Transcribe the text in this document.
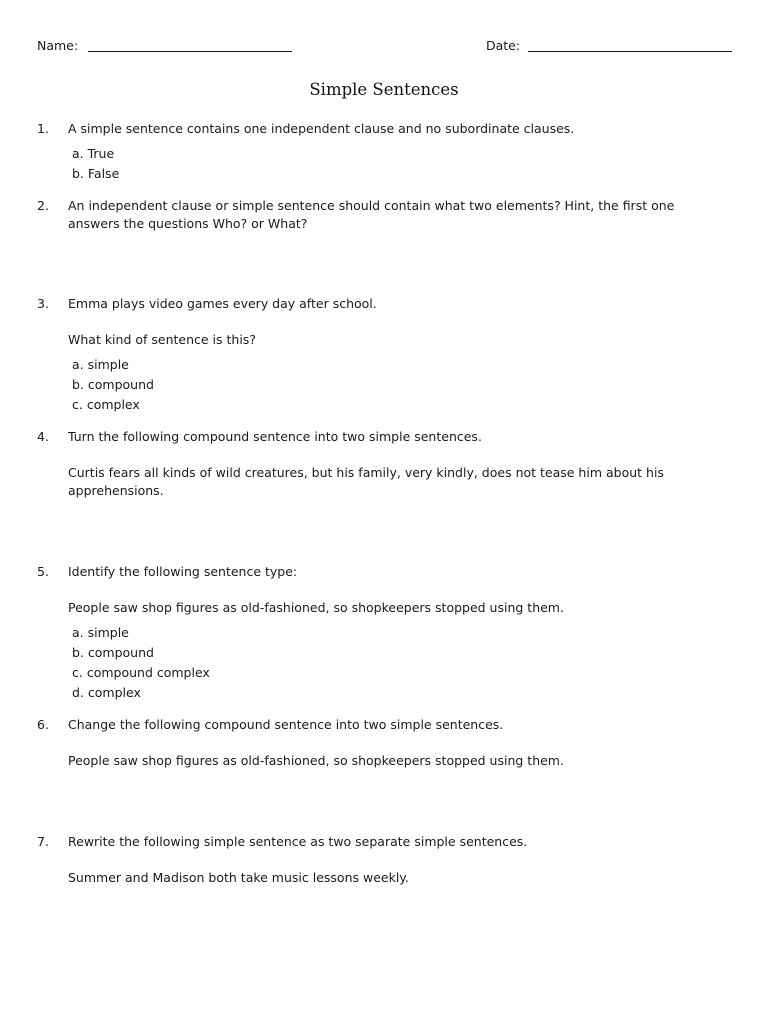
Name:	Date:
Simple Sentences
1. A simple sentence contains one independent clause and no subordinate clauses.
a. True
b. False
2. An independent clause or simple sentence should contain what two elements? Hint, the first one
answers the questions Who? or What?
3. Emma plays video games every day after school.
What kind of sentence is this?
a. simple
b. compound
c. complex
4. Turn the following compound sentence into two simple sentences.
Curtis fears all kinds of wild creatures, but his family, very kindly, does not tease him about his
apprehensions.
5. Identify the following sentence type:
People saw shop figures as old-fashioned, so shopkeepers stopped using them.
a. simple
b. compound
c. compound complex
d. complex
6. Change the following compound sentence into two simple sentences.
People saw shop figures as old-fashioned, so shopkeepers stopped using them.
7. Rewrite the following simple sentence as two separate simple sentences.
Summer and Madison both take music lessons weekly.
